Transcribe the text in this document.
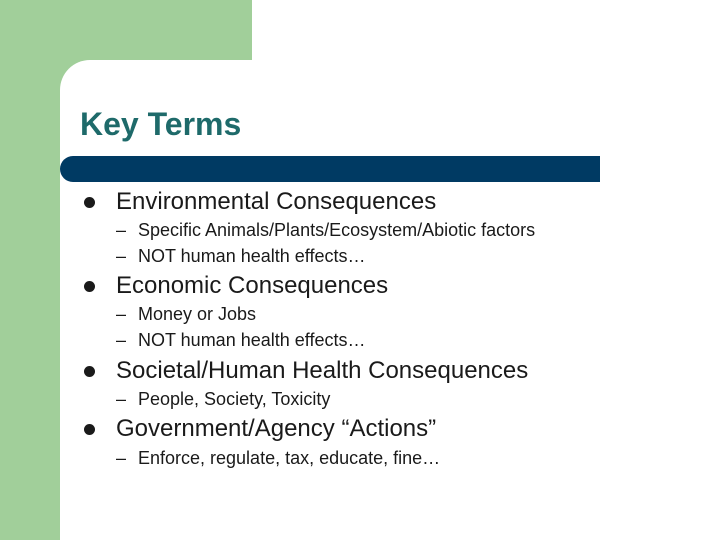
Key Terms
Environmental Consequences
– Specific Animals/Plants/Ecosystem/Abiotic factors
– NOT human health effects…
Economic Consequences
– Money or Jobs
– NOT human health effects…
Societal/Human Health Consequences
– People, Society, Toxicity
Government/Agency “Actions”
– Enforce, regulate, tax, educate, fine…
